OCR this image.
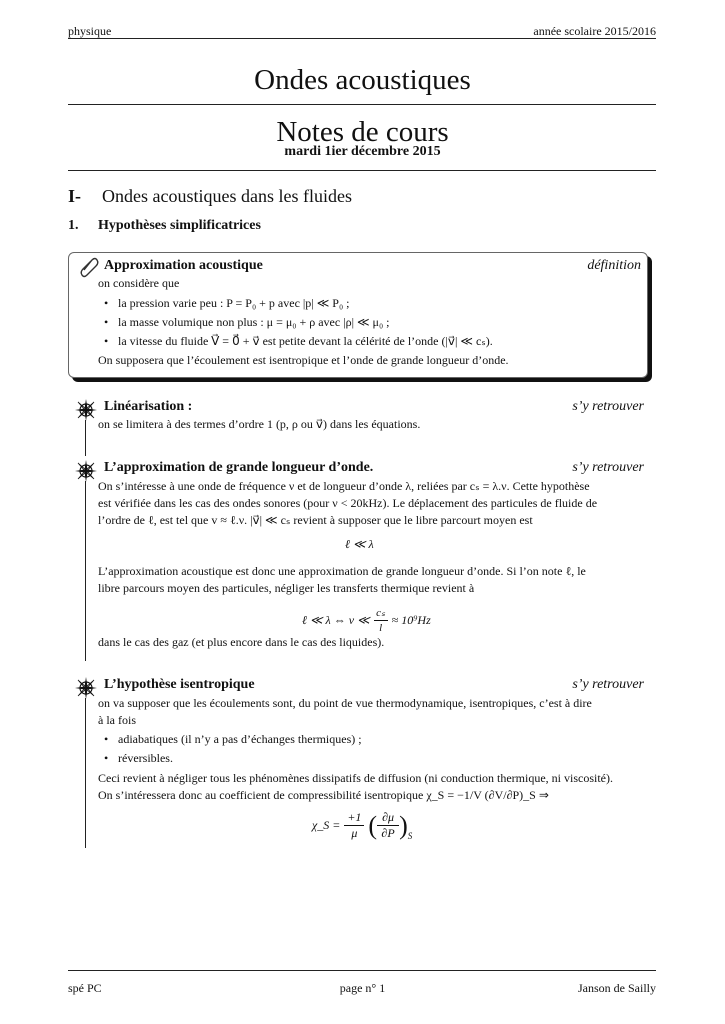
physique	année scolaire 2015/2016
Ondes acoustiques
Notes de cours
mardi 1ier décembre 2015
I- Ondes acoustiques dans les fluides
1. Hypothèses simplificatrices
Approximation acoustique	définition
on considère que
• la pression varie peu : P = P₀ + p avec |p| ≪ P₀ ;
• la masse volumique non plus : μ = μ₀ + ρ avec |ρ| ≪ μ₀ ;
• la vitesse du fluide V⃗ = 0⃗ + v⃗ est petite devant la célérité de l’onde (|v⃗| ≪ cₛ).
On supposera que l’écoulement est isentropique et l’onde de grande longueur d’onde.
Linéarisation :	s’y retrouver
on se limitera à des termes d’ordre 1 (p, ρ ou v⃗) dans les équations.
L’approximation de grande longueur d’onde.	s’y retrouver
On s’intéresse à une onde de fréquence ν et de longueur d’onde λ, reliées par cₛ = λ.ν. Cette hypothèse
est vérifiée dans les cas des ondes sonores (pour ν < 20kHz). Le déplacement des particules de fluide de
l’ordre de ℓ, est tel que v ≈ ℓ.ν. |v⃗| ≪ cₛ revient à supposer que le libre parcourt moyen est
ℓ ≪ λ
L’approximation acoustique est donc une approximation de grande longueur d’onde. Si l’on note ℓ, le
libre parcours moyen des particules, négliger les transferts thermique revient à
ℓ ≪ λ ⇔ ν ≪ $\frac{\text{cₛ}}{l} \approx 10^9Hz$
dans le cas des gaz (et plus encore dans le cas des liquides).
L’hypothèse isentropique	s’y retrouver
on va supposer que les écoulements sont, du point de vue thermodynamique, isentropiques, c’est à dire
à la fois
• adiabatiques (il n’y a pas d’échanges thermiques) ;
• réversibles.
Ceci revient à négliger tous les phénomènes dissipatifs de diffusion (ni conduction thermique, ni viscosité).
On s’intéressera donc au coefficient de compressibilité isentropique χ_S = −1/V (∂V/∂P)_S ⇒
χ_S = $\frac{+1}{\mu}$ ( $\frac{\partial\mu}{\partial P}$ ) S
spé PC	page n° 1	Janson de Sailly
